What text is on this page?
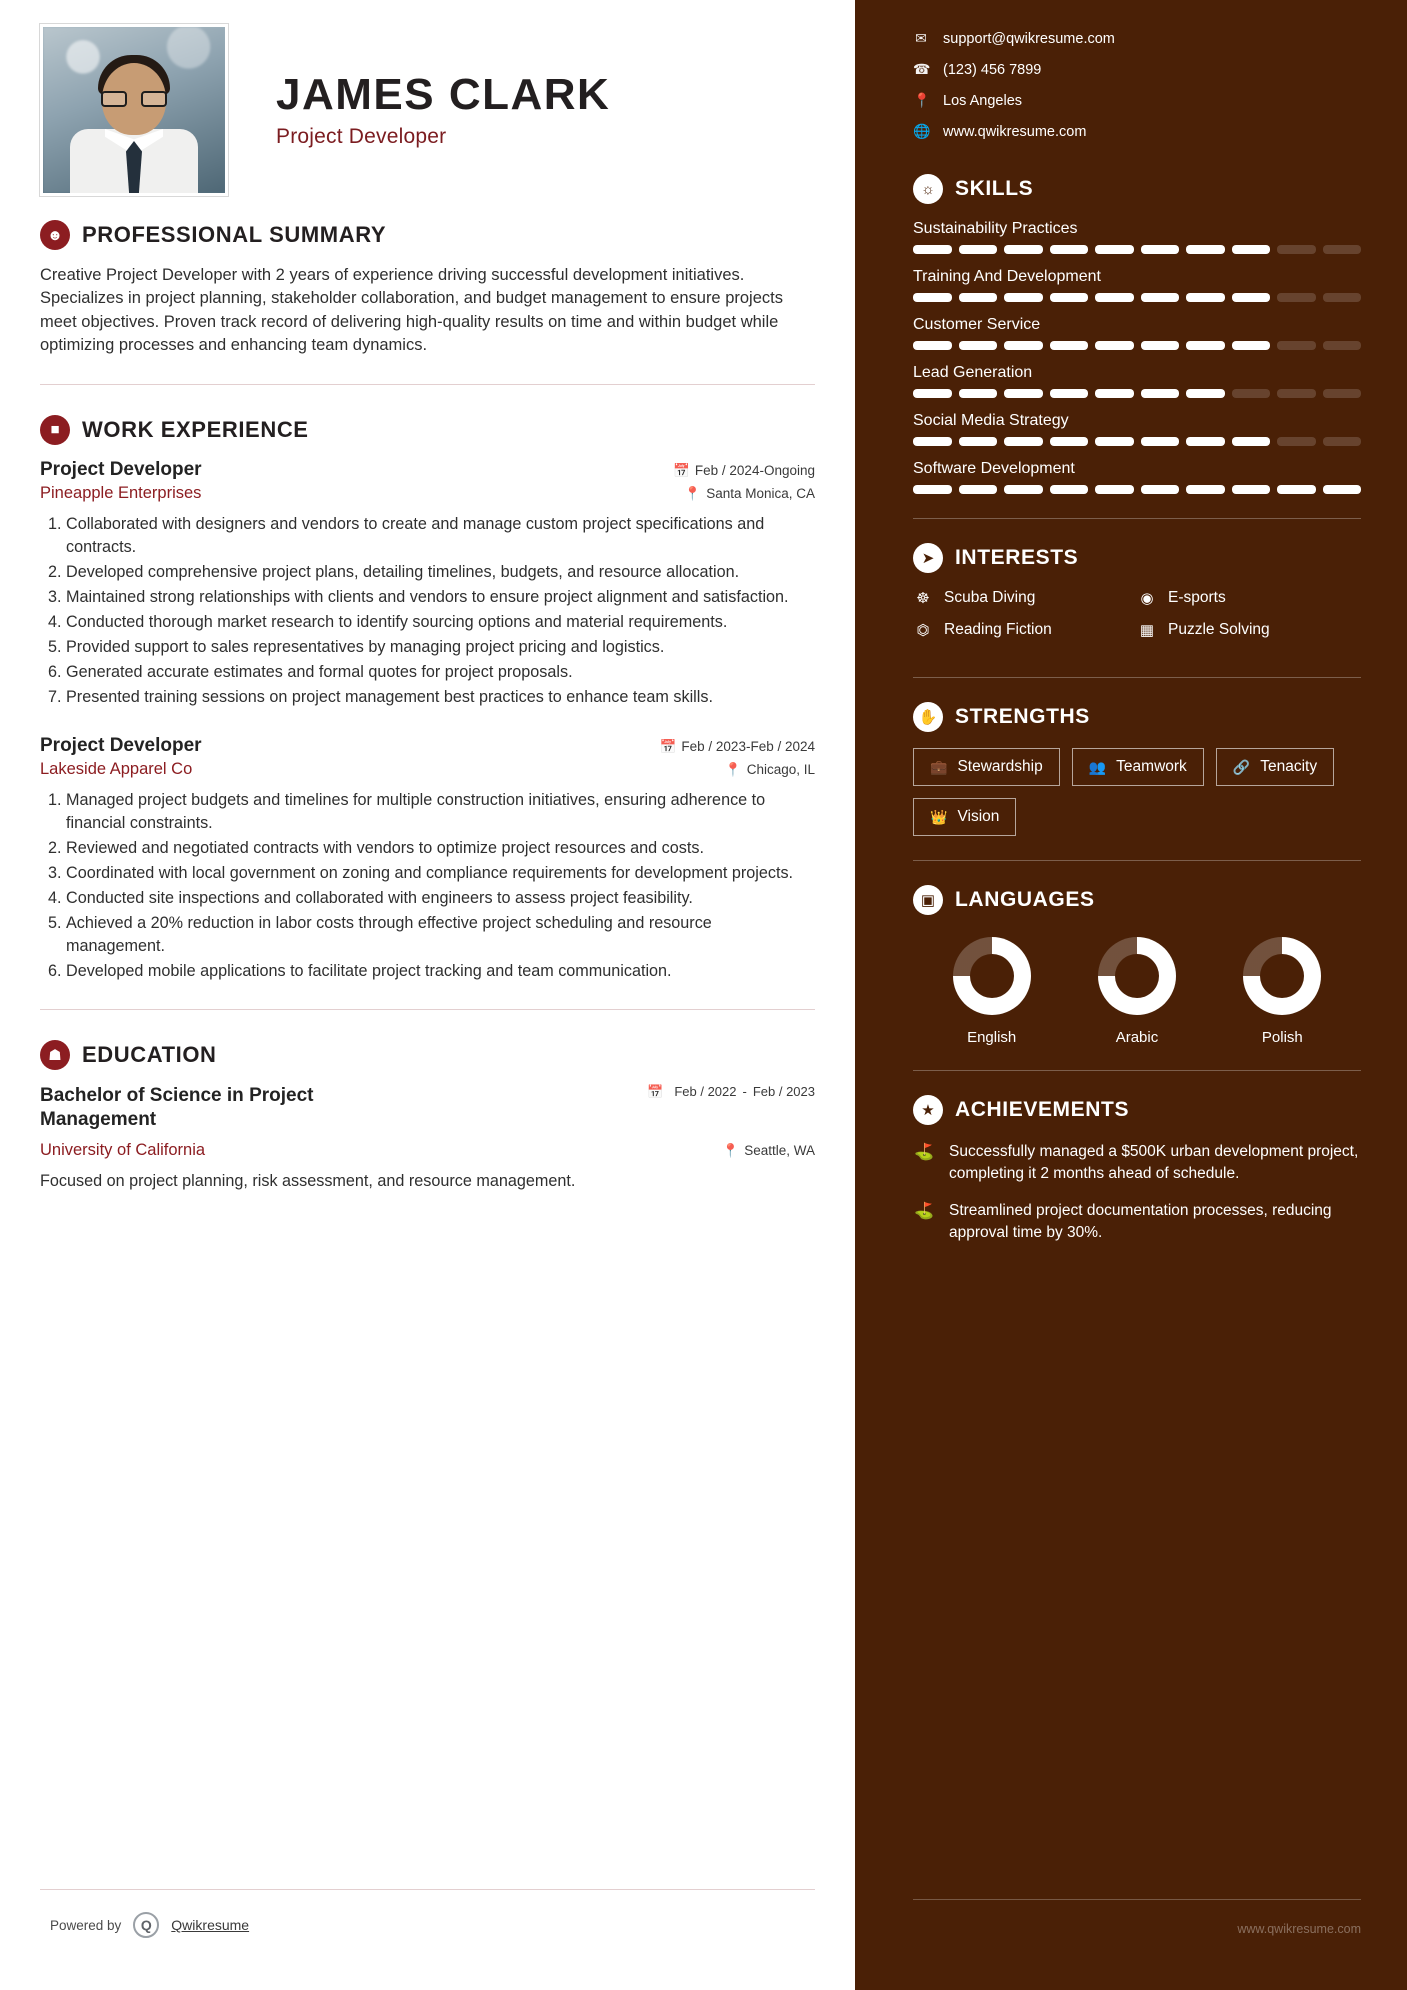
JAMES CLARK
Project Developer
☻ PROFESSIONAL SUMMARY
Creative Project Developer with 2 years of experience driving successful development initiatives. Specializes in project planning, stakeholder collaboration, and budget management to ensure projects meet objectives. Proven track record of delivering high-quality results on time and within budget while optimizing processes and enhancing team dynamics.
■	WORK EXPERIENCE
Project Developer	📅 Feb / 2024-Ongoing
Pineapple Enterprises	📍 Santa Monica, CA
1. Collaborated with designers and vendors to create and manage custom project specifications and contracts.
2. Developed comprehensive project plans, detailing timelines, budgets, and resource allocation.
3. Maintained strong relationships with clients and vendors to ensure project alignment and satisfaction.
4. Conducted thorough market research to identify sourcing options and material requirements.
5. Provided support to sales representatives by managing project pricing and logistics.
6. Generated accurate estimates and formal quotes for project proposals.
7. Presented training sessions on project management best practices to enhance team skills.
Project Developer	📅 Feb / 2023-Feb / 2024
Lakeside Apparel Co	📍 Chicago, IL
1. Managed project budgets and timelines for multiple construction initiatives, ensuring adherence to financial constraints.
2. Reviewed and negotiated contracts with vendors to optimize project resources and costs.
3. Coordinated with local government on zoning and compliance requirements for development projects.
4. Conducted site inspections and collaborated with engineers to assess project feasibility.
5. Achieved a 20% reduction in labor costs through effective project scheduling and resource management.
6. Developed mobile applications to facilitate project tracking and team communication.
☗ EDUCATION
Bachelor of Science in Project Management
📅 Feb / 2022 - Feb / 2023
University of California	📍 Seattle, WA
Focused on project planning, risk assessment, and resource management.
Powered by	Q	Qwikresume
✉ support@qwikresume.com
☎ (123) 456 7899
📍 Los Angeles
🌐 www.qwikresume.com
☼ SKILLS
Sustainability Practices
Training And Development
Customer Service
Lead Generation
Social Media Strategy
Software Development
➤ INTERESTS
☸ Scuba Diving	◉ E-sports
⏣ Reading Fiction	▦ Puzzle Solving
✋ STRENGTHS
💼 Stewardship	👥 Teamwork	🔗 Tenacity
👑 Vision
▣ LANGUAGES
English	Arabic	Polish
★ ACHIEVEMENTS
⛳ Successfully managed a $500K urban development project, completing it 2 months ahead of schedule.
⛳ Streamlined project documentation processes, reducing approval time by 30%.
www.qwikresume.com
